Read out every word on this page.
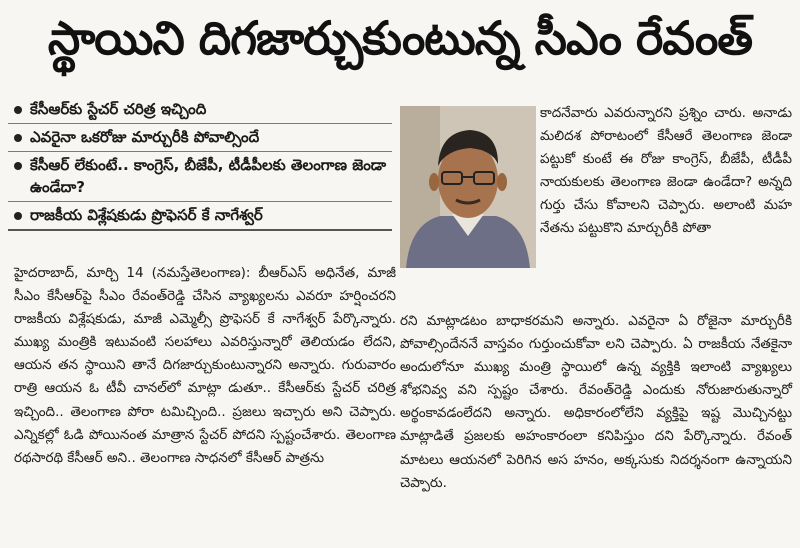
స్థాయిని దిగజార్చుకుంటున్న సీఎం రేవంత్
కేసీఆర్‌కు స్టేచర్‌ చరిత్ర ఇచ్చింది
ఎవరైనా ఒకరోజు మార్చురీకి పోవాల్సిందే
కేసీఆర్‌ లేకుంటే.. కాంగ్రెస్‌, బీజేపీ, టీడీపీలకు తెలంగాణ జెండా ఉండేదా?
రాజకీయ విశ్లేషకుడు ప్రొఫెసర్‌ కే నాగేశ్వర్‌

హైదరాబాద్‌, మార్చి 14 (నమస్తేతెలంగాణ): బీఆర్‌ఎస్‌ అధినేత, మాజీ సీఎం కేసీఆర్‌పై సీఎం రేవంత్‌రెడ్డి చేసిన వ్యాఖ్యలను ఎవరూ హర్షించరని రాజకీయ విశ్లేషకుడు, మాజీ ఎమ్మెల్సీ ప్రొఫెసర్‌ కే నాగేశ్వర్‌ పేర్కొన్నారు. ముఖ్య మంత్రికి ఇటువంటి సలహాలు ఎవరిస్తున్నారో తెలియడం లేదని, ఆయన తన స్థాయిని తానే దిగజార్చుకుంటున్నారని అన్నారు. గురువారం రాత్రి ఆయన ఓ టీవీ చానల్‌లో మాట్లా డుతూ.. కేసీఆర్‌కు స్టేచర్‌ చరిత్ర ఇచ్చింది.. తెలంగాణ పోరా టమిచ్చింది.. ప్రజలు ఇచ్చారు అని చెప్పారు. ఎన్నికల్లో ఓడి పోయినంత మాత్రాన స్టేచర్‌ పోదని స్పష్టంచేశారు. తెలంగాణ రథసారథి కేసీఆర్‌ అని.. తెలంగాణ సాధనలో కేసీఆర్‌ పాత్రను

కాదనేవారు ఎవరున్నారని ప్రశ్నిం చారు. అనాడు మలిదశ పోరాటంలో కేసీఆరే తెలంగాణ జెండా పట్టుకో కుంటే ఈ రోజు కాంగ్రెస్‌, బీజేపీ, టీడీపీ నాయకులకు తెలంగాణ జెండా ఉండేదా? అన్నది గుర్తు చేసు కోవాలని చెప్పారు. అలాంటి మహ నేతను పట్టుకొని మార్చురీకి పోతా

రని మాట్లాడటం బాధాకరమని అన్నారు. ఎవరైనా ఏ రోజైనా మార్చురీకి పోవాల్సిందేననే వాస్తవం గుర్తుంచుకోవా లని చెప్పారు. ఏ రాజకీయ నేతకైనా అందులోనూ ముఖ్య మంత్రి స్థాయిలో ఉన్న వ్యక్తికి ఇలాంటి వ్యాఖ్యలు శోభనివ్వ వని స్పష్టం చేశారు. రేవంత్‌రెడ్డి ఎందుకు నోరుజారుతున్నారో అర్థంకావడంలేదని అన్నారు. అధికారంలోలేని వ్యక్తిపై ఇష్ట మొచ్చినట్టు మాట్లాడితే ప్రజలకు అహంకారంలా కనిపిస్తుం దని పేర్కొన్నారు. రేవంత్‌ మాటలు ఆయనలో పెరిగిన అస హనం, అక్కసుకు నిదర్శనంగా ఉన్నాయని చెప్పారు.
